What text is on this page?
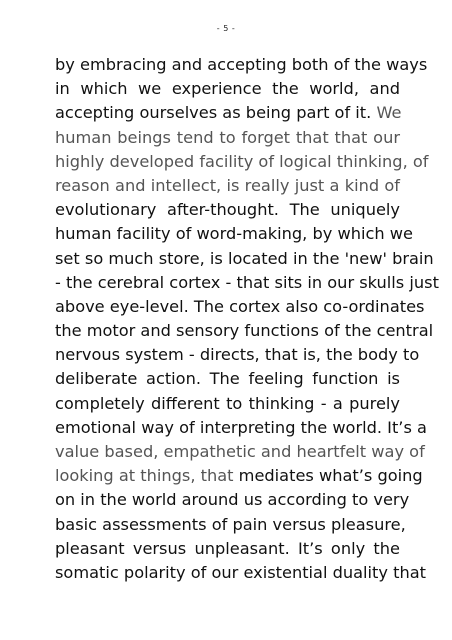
- 5 -
by embracing and accepting both of the ways
in which we experience the world, and
accepting ourselves as being part of it. We
human beings tend to forget that that our
highly developed facility of logical thinking, of
reason and intellect, is really just a kind of
evolutionary after-thought. The uniquely
human facility of word-making, by which we
set so much store, is located in the 'new' brain
- the cerebral cortex - that sits in our skulls just
above eye-level. The cortex also co-ordinates
the motor and sensory functions of the central
nervous system - directs, that is, the body to
deliberate action. The feeling function is
completely different to thinking - a purely
emotional way of interpreting the world. It’s a
value based, empathetic and heartfelt way of
looking at things, that mediates what’s going
on in the world around us according to very
basic assessments of pain versus pleasure,
pleasant versus unpleasant. It’s only the
somatic polarity of our existential duality that
